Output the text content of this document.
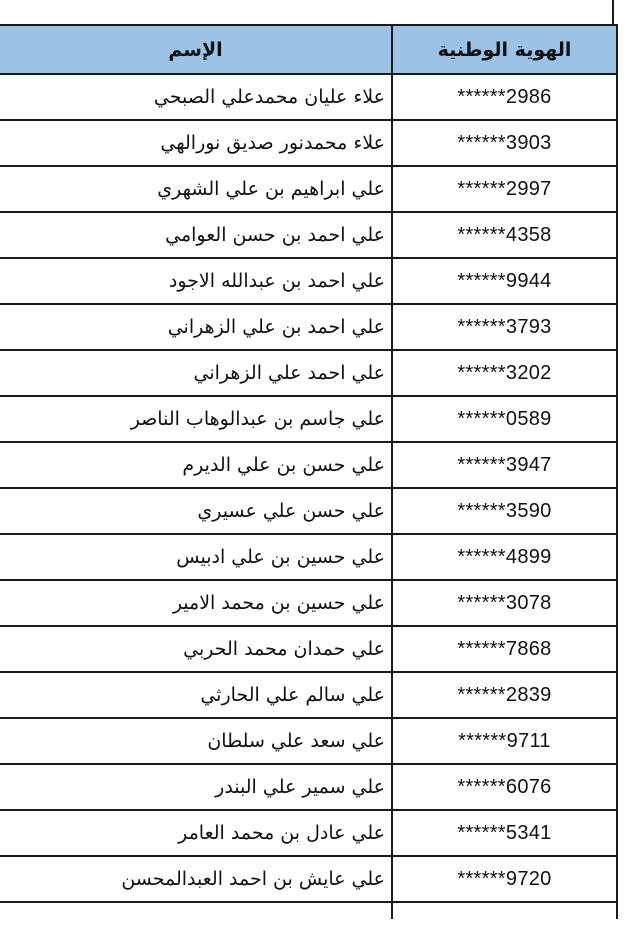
الإسم	الهوية الوطنية
علاء عليان محمدعلي الصبحي	******2986
علاء محمدنور صديق نورالهي	******3903
علي ابراهيم بن علي الشهري	******2997
علي احمد بن حسن العوامي	******4358
علي احمد بن عبدالله الاجود	******9944
علي احمد بن علي الزهراني	******3793
علي احمد علي الزهراني	******3202
علي جاسم بن عبدالوهاب الناصر	******0589
علي حسن بن علي الديرم	******3947
علي حسن علي عسيري	******3590
علي حسين بن علي ادبيس	******4899
علي حسين بن محمد الامير	******3078
علي حمدان محمد الحربي	******7868
علي سالم علي الحارثي	******2839
علي سعد علي سلطان	******9711
علي سمير علي البندر	******6076
علي عادل بن محمد العامر	******5341
علي عايش بن احمد العبدالمحسن	******9720
